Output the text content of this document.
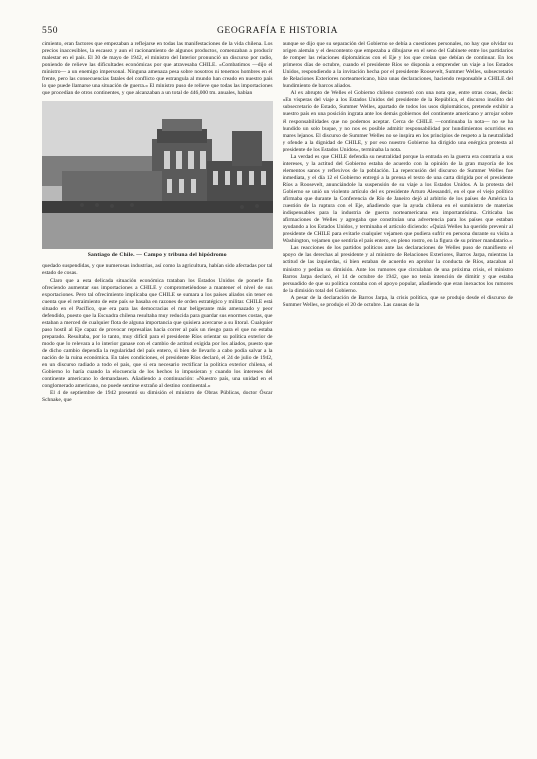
550	GEOGRAFÍA E HISTORIA

cimiento, eran factores que empezaban a reflejarse en todas las manifestaciones de la vida chilena. Los precios inaccesibles, la escasez y aun el racionamiento de algunos productos, comenzaban a producir malestar en el país. El 30 de mayo de 1942, el ministro del Interior pronunció un discurso por radio, poniendo de relieve las dificultades económicas por que atravesaba CHILE. «Combatimos —dijo el ministro— a un enemigo impersonal. Ninguna amenaza pesa sobre nosotros ni tenemos hombres en el frente, pero las consecuencias fatales del conflicto que estrangula al mundo han creado en nuestro país lo que puede llamarse una situación de guerra.» El ministro puso de relieve que todas las importaciones que procedían de otros continentes, y que alcanzaban a un total de 446,000 tm. anuales, habían

Santiago de Chile. — Campo y tribuna del hipódromo

quedado suspendidas, y que numerosas industrias, así como la agricultura, habían sido afectadas por tal estado de cosas.

Claro que a esta delicada situación económica trataban los Estados Unidos de ponerle fin ofreciendo aumentar sus importaciones a CHILE y comprometiéndose a mantener el nivel de sus exportaciones. Pero tal ofrecimiento implicaba que CHILE se sumara a los países aliados sin tener en cuenta que el retraimiento de este país se basaba en razones de orden estratégico y militar. CHILE está situado en el Pacífico, que era para las democracias el mar beligerante más amenazado y peor defendido, puesto que la Escuadra chilena resultaba muy reducida para guardar sus enormes costas, que estaban a merced de cualquier flota de alguna importancia que quisiera acercarse a su litoral. Cualquier paso hostil al Eje capaz de provocar represalias hacía correr al país un riesgo para el que no estaba preparado. Resultaba, por lo tanto, muy difícil para el presidente Ríos orientar su política exterior de modo que lo relevara a lo interior ganase con el cambio de actitud exigida por los aliados, puesto que de dicho cambio dependía la regularidad del país entero, si bien de llevarlo a cabo podía salvar a la nación de la ruina económica. En tales condiciones, el presidente Ríos declaró, el 24 de julio de 1942, en un discurso radiado a todo el país, que si era necesario rectificar la política exterior chilena, el Gobierno lo haría cuando la elocuencia de los hechos lo impusieran y cuando los intereses del continente americano lo demandasen. Añadiendo a continuación: «Nuestro país, una unidad en el conglomerado americano, no puede sentirse extraño al destino continental.»

El 4 de septiembre de 1942 presentó su dimisión el ministro de Obras Públicas, doctor Óscar Schnake, que

aunque se dijo que su separación del Gobierno se debía a cuestiones personales, no hay que olvidar su origen alemán y el descontento que empezaba a dibujarse en el seno del Gabinete entre los partidarios de romper las relaciones diplomáticas con el Eje y los que creían que debían de continuar. En los primeros días de octubre, cuando el presidente Ríos se disponía a emprender un viaje a los Estados Unidos, respondiendo a la invitación hecha por el presidente Roosevelt, Summer Welles, subsecretario de Relaciones Exteriores norteamericano, hizo unas declaraciones, haciendo responsable a CHILE del hundimiento de barcos aliados.

Al ex abrupto de Welles el Gobierno chileno contestó con una nota que, entre otras cosas, decía: «En vísperas del viaje a los Estados Unidos del presidente de la República, el discurso insólito del subsecretario de Estado, Summer Welles, apartado de todos los usos diplomáticos, pretende exhibir a nuestro país en una posición ingrata ante los demás gobiernos del continente americano y arrojar sobre él responsabilidades que no podemos aceptar. Cerca de CHILE —continuaba la nota— no se ha hundido un solo buque, y no nos es posible admitir responsabilidad por hundimientos ocurridos en mares lejanos. El discurso de Summer Welles no se inspira en los principios de respeto a la neutralidad y ofende a la dignidad de CHILE, y por eso nuestro Gobierno ha dirigido una enérgica protesta al presidente de los Estados Unidos», terminaba la nota.

La verdad es que CHILE defendía su neutralidad porque la entrada en la guerra era contraria a sus intereses, y la actitud del Gobierno estaba de acuerdo con la opinión de la gran mayoría de los elementos sanos y reflexivos de la población. La repercusión del discurso de Summer Welles fue inmediata, y el día 12 el Gobierno entregó a la prensa el texto de una carta dirigida por el presidente Ríos a Roosevelt, anunciándole la suspensión de su viaje a los Estados Unidos. A la protesta del Gobierno se unió un violento artículo del ex presidente Arturo Alessandri, en el que el viejo político afirmaba que durante la Conferencia de Río de Janeiro dejó al arbitrio de los países de América la cuestión de la ruptura con el Eje, añadiendo que la ayuda chilena en el suministro de materias indispensables para la industria de guerra norteamericana era importantísima. Criticaba las afirmaciones de Welles y agregaba que constituían una advertencia para los países que estaban ayudando a los Estados Unidos, y terminaba el artículo diciendo: «Quizá Welles ha querido prevenir al presidente de CHILE para evitarle cualquier vejamen que pudiera sufrir en persona durante su visita a Washington, vejamen que sentiría el país entero, en pleno rostro, en la figura de su primer mandatario.»

Las reacciones de los partidos políticos ante las declaraciones de Welles puso de manifiesto el apoyo de las derechas al presidente y al ministro de Relaciones Exteriores, Barros Jarpa, mientras la actitud de las izquierdas, si bien estaban de acuerdo en aprobar la conducta de Ríos, atacaban al ministro y pedían su dimisión. Ante los rumores que circulaban de una próxima crisis, el ministro Barros Jarpa declaró, el 14 de octubre de 1942, que no tenía intención de dimitir y que estaba persuadido de que su política contaba con el apoyo popular, añadiendo que eran inexactos los rumores de la dimisión total del Gobierno.

A pesar de la declaración de Barros Jarpa, la crisis política, que se produjo desde el discurso de Summer Welles, se produjo el 20 de octubre. Las causas de la
